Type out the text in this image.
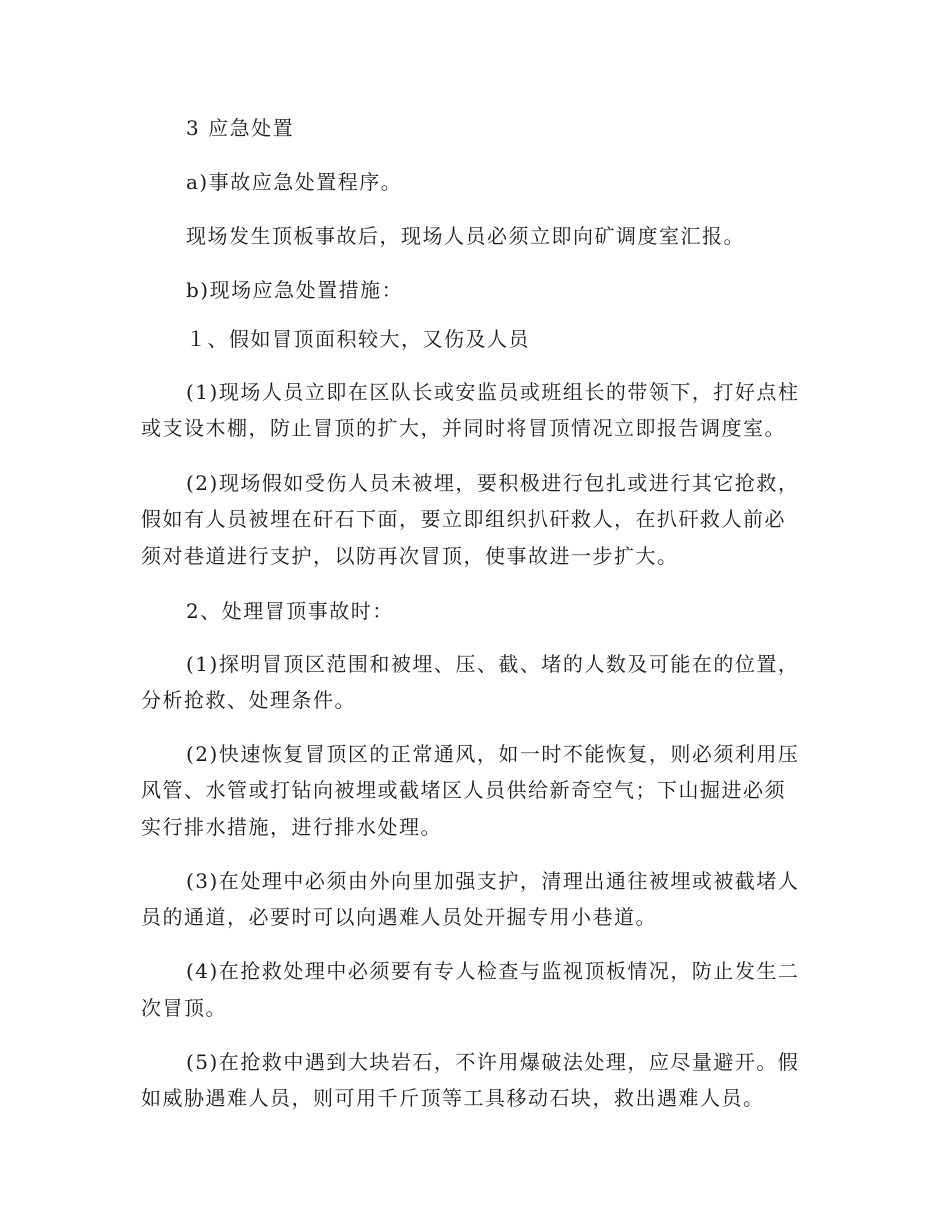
3 应急处置
a)事故应急处置程序。
现场发生顶板事故后，现场人员必须立即向矿调度室汇报。
b)现场应急处置措施：
１、假如冒顶面积较大，又伤及人员
(1)现场人员立即在区队长或安监员或班组长的带领下，打好点柱
或支设木棚，防止冒顶的扩大，并同时将冒顶情况立即报告调度室。
(2)现场假如受伤人员未被埋，要积极进行包扎或进行其它抢救，
假如有人员被埋在矸石下面，要立即组织扒矸救人，在扒矸救人前必
须对巷道进行支护，以防再次冒顶，使事故进一步扩大。
2、处理冒顶事故时：
(1)探明冒顶区范围和被埋、压、截、堵的人数及可能在的位置，
分析抢救、处理条件。
(2)快速恢复冒顶区的正常通风，如一时不能恢复，则必须利用压
风管、水管或打钻向被埋或截堵区人员供给新奇空气；下山掘进必须
实行排水措施，进行排水处理。
(3)在处理中必须由外向里加强支护，清理出通往被埋或被截堵人
员的通道，必要时可以向遇难人员处开掘专用小巷道。
(4)在抢救处理中必须要有专人检查与监视顶板情况，防止发生二
次冒顶。
(5)在抢救中遇到大块岩石，不许用爆破法处理，应尽量避开。假
如威胁遇难人员，则可用千斤顶等工具移动石块，救出遇难人员。
